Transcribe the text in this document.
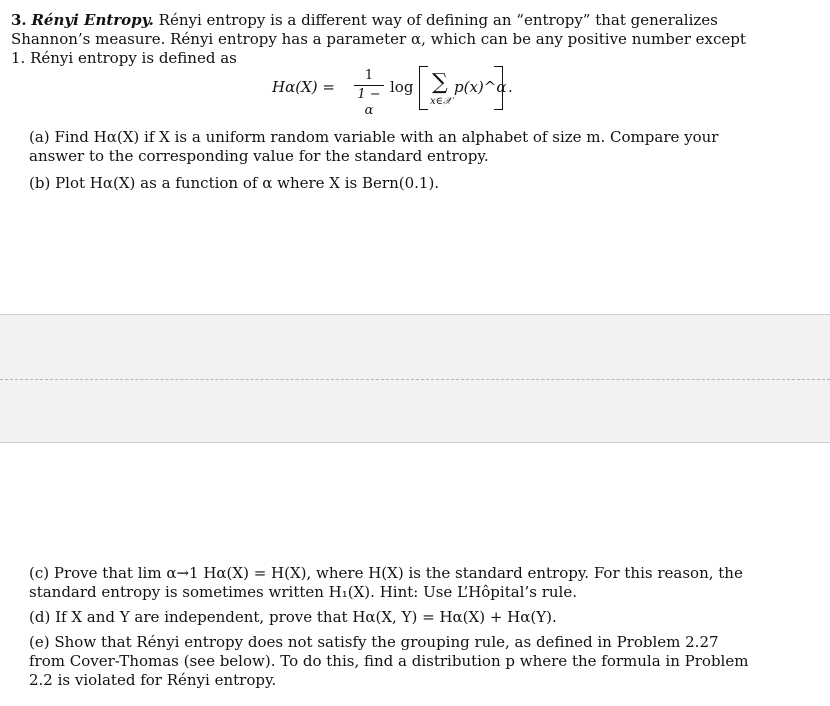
3. Rényi Entropy. Rényi entropy is a different way of defining an “entropy” that generalizes Shannon’s measure. Rényi entropy has a parameter α, which can be any positive number except 1. Rényi entropy is defined as
Hα(X) =
1
1 − α
log ∑
x∈𝒳
p(x)^α .
(a) Find Hα(X) if X is a uniform random variable with an alphabet of size m. Compare your answer to the corresponding value for the standard entropy.
(b) Plot Hα(X) as a function of α where X is Bern(0.1).
(c) Prove that lim α→1 Hα(X) = H(X), where H(X) is the standard entropy. For this reason, the standard entropy is sometimes written H₁(X). Hint: Use L’Hôpital’s rule.
(d) If X and Y are independent, prove that Hα(X, Y) = Hα(X) + Hα(Y).
(e) Show that Rényi entropy does not satisfy the grouping rule, as defined in Problem 2.27 from Cover-Thomas (see below). To do this, find a distribution p where the formula in Problem 2.2 is violated for Rényi entropy.
